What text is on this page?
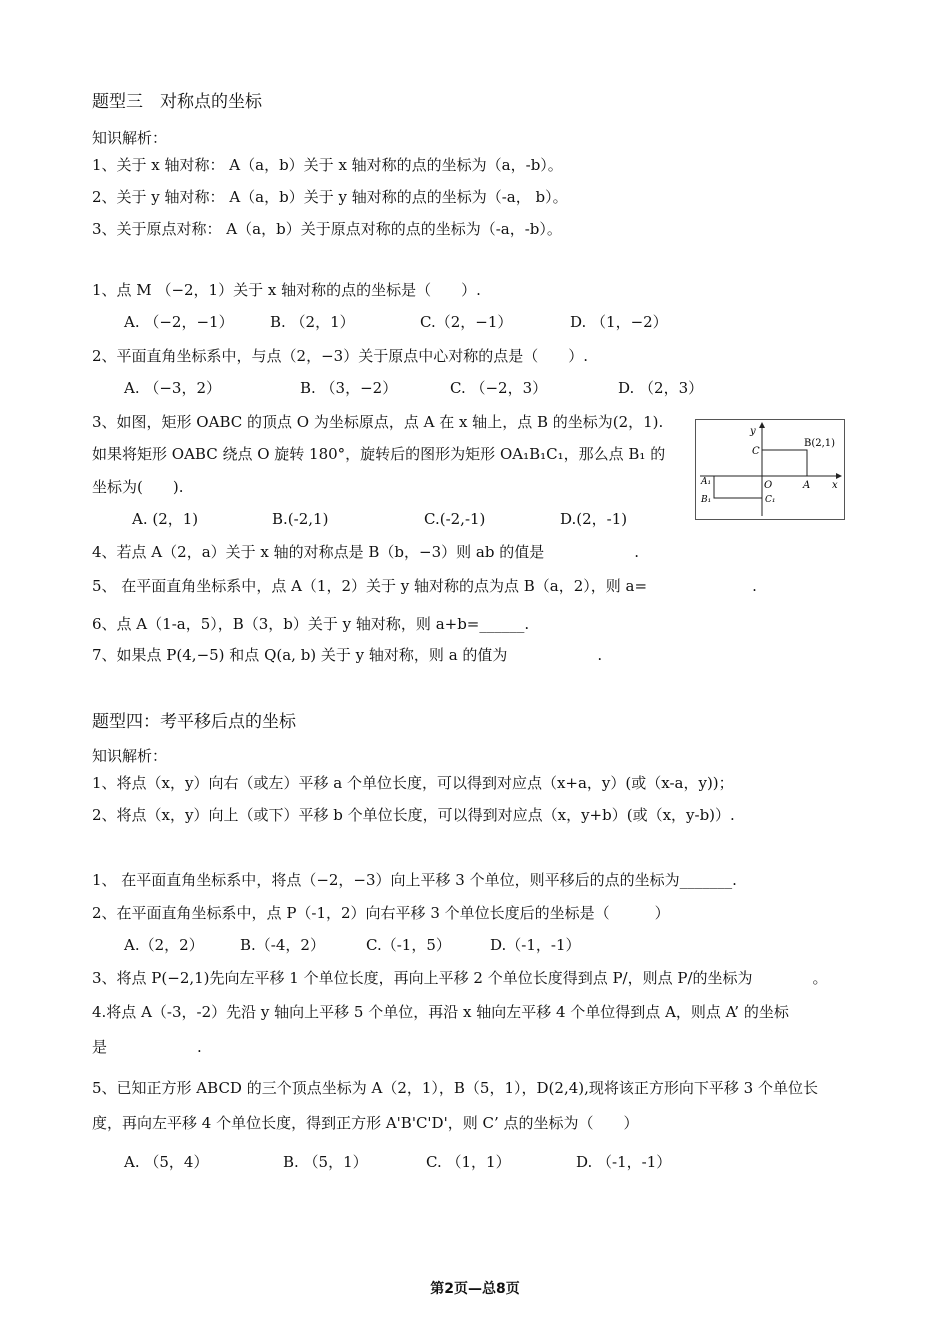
题型三　对称点的坐标
知识解析：
1、关于 x 轴对称： A（a，b）关于 x 轴对称的点的坐标为（a，-b）。
2、关于 y 轴对称： A（a，b）关于 y 轴对称的点的坐标为（-a， b）。
3、关于原点对称： A（a，b）关于原点对称的点的坐标为（-a，-b）。
1、点 M （−2，1）关于 x 轴对称的点的坐标是（　　）.
A. （−2，−1） B. （2，1）	C.（2，−1）	D. （1，−2）
2、平面直角坐标系中，与点（2，−3）关于原点中心对称的点是（　　）.
A. （−3，2）	B. （3，−2）	C. （−2，3）	D. （2，3）
3、如图，矩形 OABC 的顶点 O 为坐标原点，点 A 在 x 轴上，点 B 的坐标为(2，1).
如果将矩形 OABC 绕点 O 旋转 180°，旋转后的图形为矩形 OA₁B₁C₁，那么点 B₁ 的
坐标为(　　).
A. (2，1)	B.(-2,1)	C.(-2,-1)	D.(2，-1)
y
x
B(2,1)
C
O	A
A₁
B₁	C₁
4、若点 A（2，a）关于 x 轴的对称点是 B（b，−3）则 ab 的值是　　　　　　.
5、 在平面直角坐标系中，点 A（1，2）关于 y 轴对称的点为点 B（a，2），则 a=　　　　　　　.
6、点 A（1-a，5），B（3，b）关于 y 轴对称，则 a+b=______.
7、如果点 P(4,−5) 和点 Q(a, b) 关于 y 轴对称，则 a 的值为　　　　　　.
题型四：考平移后点的坐标
知识解析：
1、将点（x，y）向右（或左）平移 a 个单位长度，可以得到对应点（x+a，y）(或（x-a，y))；
2、将点（x，y）向上（或下）平移 b 个单位长度，可以得到对应点（x，y+b）(或（x，y-b)）.
1、 在平面直角坐标系中，将点（−2，−3）向上平移 3 个单位，则平移后的点的坐标为_______.
2、在平面直角坐标系中，点 P（-1，2）向右平移 3 个单位长度后的坐标是（　　　）
A.（2，2） B.（-4，2）	C.（-1，5）	D.（-1，-1）
3、将点 P(−2,1)先向左平移 1 个单位长度，再向上平移 2 个单位长度得到点 P/，则点 P/的坐标为　　　　。
4.将点 A（-3，-2）先沿 y 轴向上平移 5 个单位，再沿 x 轴向左平移 4 个单位得到点 A，则点 A’ 的坐标
是　　　　　　.
5、已知正方形 ABCD 的三个顶点坐标为 A（2，1），B（5，1），D(2,4),现将该正方形向下平移 3 个单位长
度，再向左平移 4 个单位长度，得到正方形 A'B'C'D'，则 C’ 点的坐标为（　　）
A. （5，4）	B. （5，1）	C. （1，1）	D. （-1，-1）
第2页—总8页
